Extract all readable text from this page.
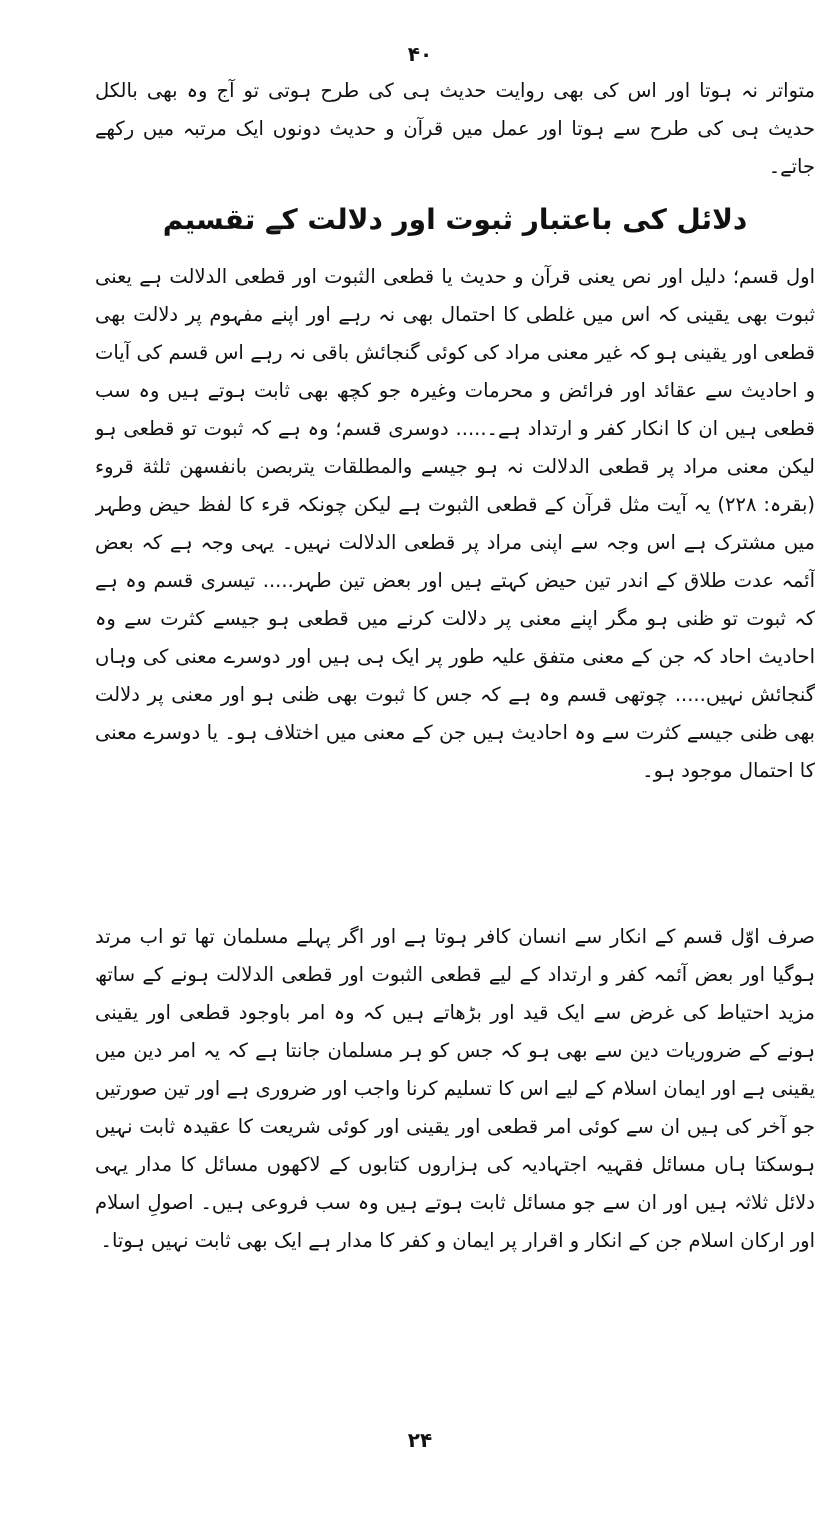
۴۰
متواتر نہ ہوتا اور اس کی بھی روایت حدیث ہی کی طرح ہوتی تو آج وہ بھی بالکل حدیث ہی کی طرح سے ہوتا اور عمل میں قرآن و حدیث دونوں ایک مرتبہ میں رکھے جاتے۔
دلائل کی باعتبار ثبوت اور دلالت کے تقسیم
اول قسم؛ دلیل اور نص یعنی قرآن و حدیث یا قطعی الثبوت اور قطعی الدلالت ہے یعنی ثبوت بھی یقینی کہ اس میں غلطی کا احتمال بھی نہ رہے اور اپنے مفہوم پر دلالت بھی قطعی اور یقینی ہو کہ غیر معنی مراد کی کوئی گنجائش باقی نہ رہے اس قسم کی آیات و احادیث سے عقائد اور فرائض و محرمات وغیرہ جو کچھ بھی ثابت ہوتے ہیں وہ سب قطعی ہیں ان کا انکار کفر و ارتداد ہے۔..... دوسری قسم؛ وہ ہے کہ ثبوت تو قطعی ہو لیکن معنی مراد پر قطعی الدلالت نہ ہو جیسے والمطلقات یتربصن بانفسهن ثلثة قروء (بقرہ: ۲۲۸) یہ آیت مثل قرآن کے قطعی الثبوت ہے لیکن چونکہ قرء کا لفظ حیض وطہر میں مشترک ہے اس وجہ سے اپنی مراد پر قطعی الدلالت نہیں۔ یہی وجہ ہے کہ بعض آئمہ عدت طلاق کے اندر تین حیض کہتے ہیں اور بعض تین طہر..... تیسری قسم وہ ہے کہ ثبوت تو ظنی ہو مگر اپنے معنی پر دلالت کرنے میں قطعی ہو جیسے کثرت سے وہ احادیث احاد کہ جن کے معنی متفق علیہ طور پر ایک ہی ہیں اور دوسرے معنی کی وہاں گنجائش نہیں..... چوتھی قسم وہ ہے کہ جس کا ثبوت بھی ظنی ہو اور معنی پر دلالت بھی ظنی جیسے کثرت سے وہ احادیث ہیں جن کے معنی میں اختلاف ہو۔ یا دوسرے معنی کا احتمال موجود ہو۔
صرف اوّل قسم کے انکار سے انسان کافر ہوتا ہے اور اگر پہلے مسلمان تھا تو اب مرتد ہوگیا اور بعض آئمہ کفر و ارتداد کے لیے قطعی الثبوت اور قطعی الدلالت ہونے کے ساتھ مزید احتیاط کی غرض سے ایک قید اور بڑھاتے ہیں کہ وہ امر باوجود قطعی اور یقینی ہونے کے ضروریات دین سے بھی ہو کہ جس کو ہر مسلمان جانتا ہے کہ یہ امر دین میں یقینی ہے اور ایمان اسلام کے لیے اس کا تسلیم کرنا واجب اور ضروری ہے اور تین صورتیں جو آخر کی ہیں ان سے کوئی امر قطعی اور یقینی اور کوئی شریعت کا عقیدہ ثابت نہیں ہوسکتا ہاں مسائل فقہیہ اجتہادیہ کی ہزاروں کتابوں کے لاکھوں مسائل کا مدار یہی دلائل ثلاثہ ہیں اور ان سے جو مسائل ثابت ہوتے ہیں وہ سب فروعی ہیں۔ اصولِ اسلام اور ارکان اسلام جن کے انکار و اقرار پر ایمان و کفر کا مدار ہے ایک بھی ثابت نہیں ہوتا۔
۲۴
